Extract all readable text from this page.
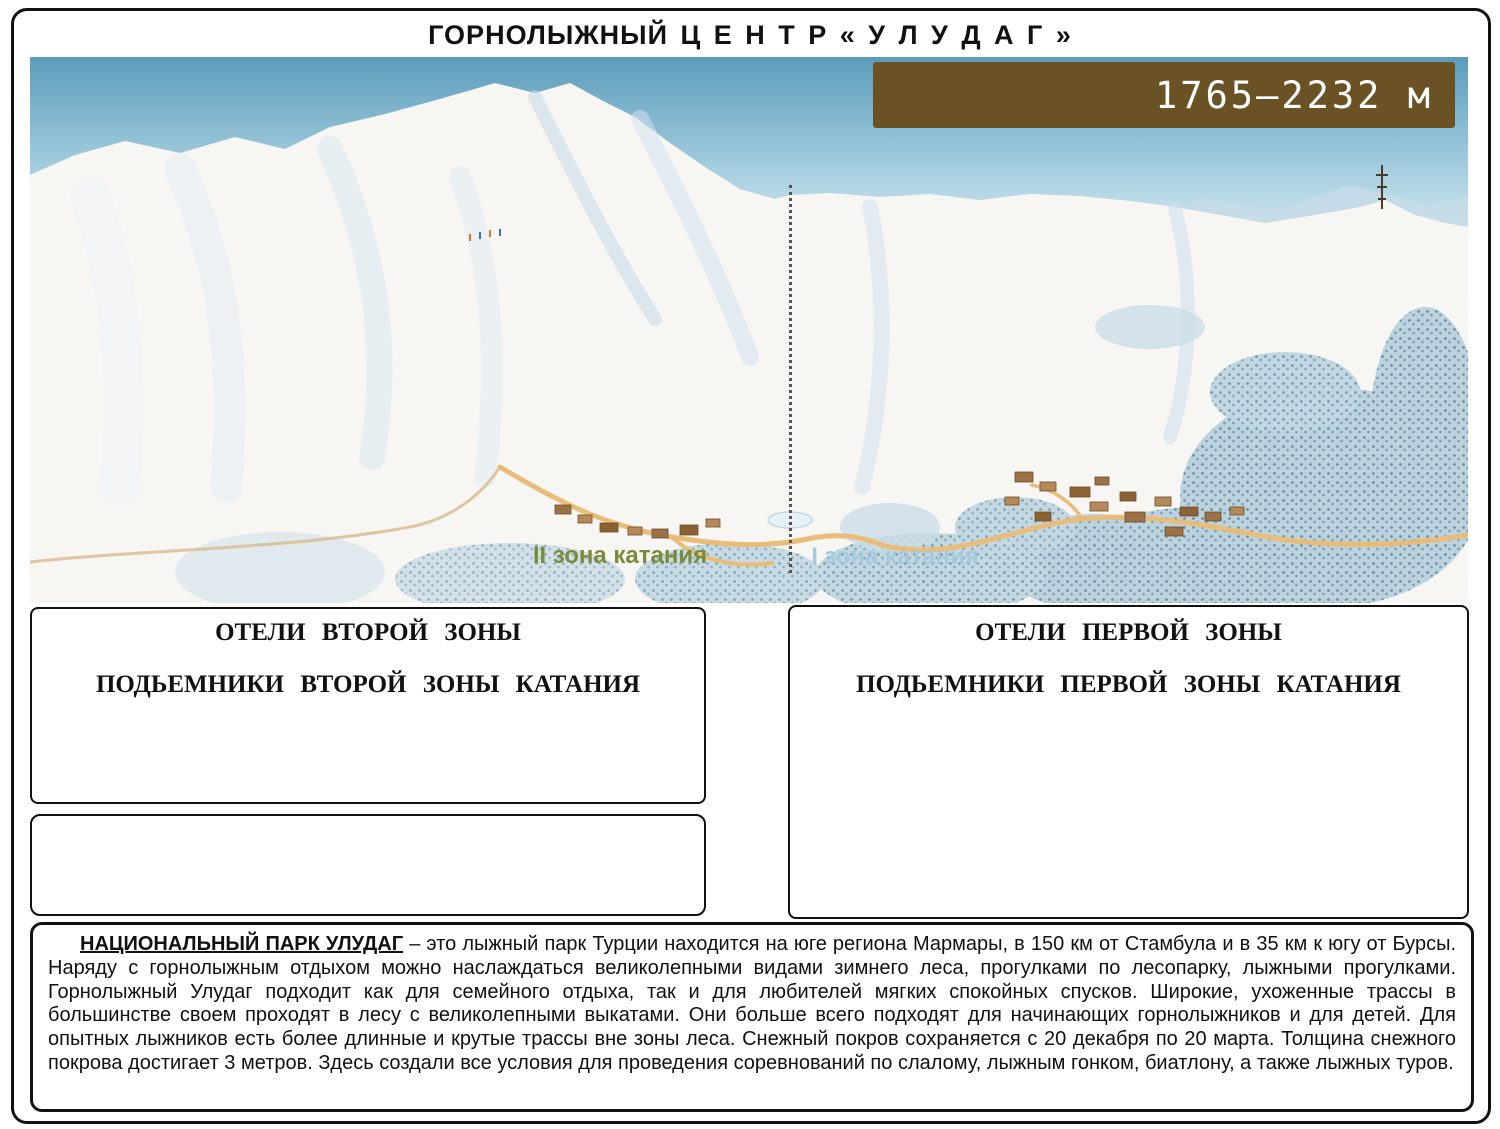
ГОРНОЛЫЖНЫЙ Ц Е Н Т Р « У Л У Д А Г »
II зона катания	I зона катания
1765—2232 м
ОТЕЛИ ВТОРОЙ ЗОНЫ
ПОДЬЕМНИКИ ВТОРОЙ ЗОНЫ КАТАНИЯ
ОТЕЛИ ПЕРВОЙ ЗОНЫ
ПОДЬЕМНИКИ ПЕРВОЙ ЗОНЫ КАТАНИЯ

НАЦИОНАЛЬНЫЙ ПАРК УЛУДАГ – это лыжный парк Турции находится на юге региона Мармары, в 150 км от Стамбула и в 35 км к югу от Бурсы. Наряду с горнолыжным отдыхом можно наслаждаться великолепными видами зимнего леса, прогулками по лесопарку, лыжными прогулками. Горнолыжный Улудаг подходит как для семейного отдыха, так и для любителей мягких спокойных спусков. Широкие, ухоженные трассы в большинстве своем проходят в лесу с великолепными выкатами. Они больше всего подходят для начинающих горнолыжников и для детей. Для опытных лыжников есть более длинные и крутые трассы вне зоны леса. Снежный покров сохраняется с 20 декабря по 20 марта. Толщина снежного покрова достигает 3 метров. Здесь создали все условия для проведения соревнований по слалому, лыжным гонком, биатлону, а также лыжных туров.
